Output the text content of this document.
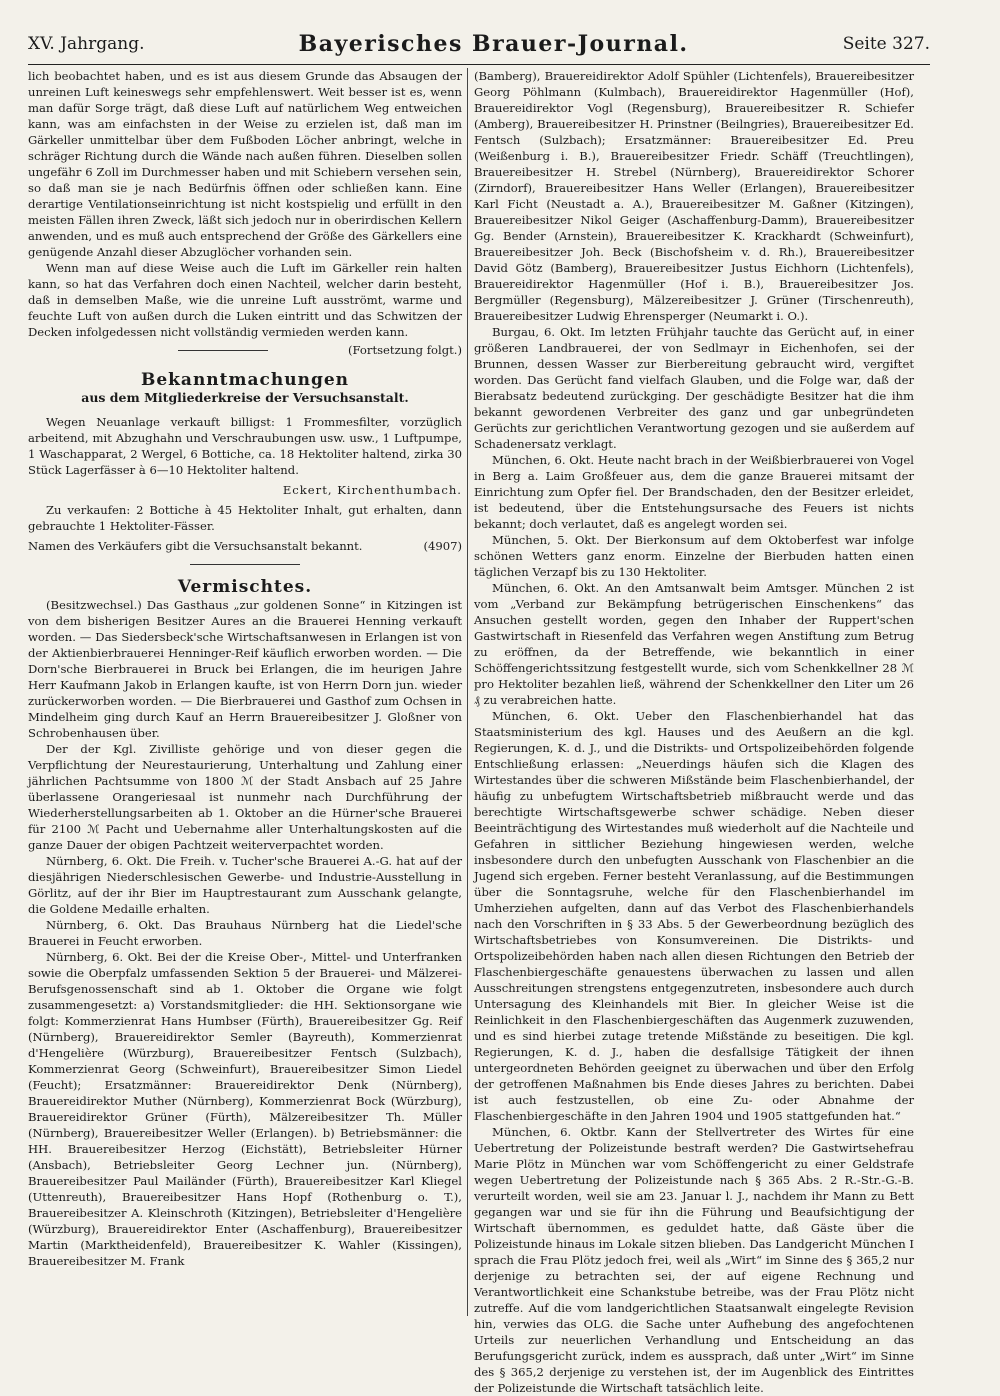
XV. Jahrgang.	Bayerisches Brauer-Journal.	Seite 327.

lich beobachtet haben, und es ist aus diesem Grunde das Absaugen der unreinen Luft keineswegs sehr empfehlenswert. Weit besser ist es, wenn man dafür Sorge trägt, daß diese Luft auf natürlichem Weg entweichen kann, was am einfachsten in der Weise zu erzielen ist, daß man im Gärkeller unmittelbar über dem Fußboden Löcher anbringt, welche in schräger Richtung durch die Wände nach außen führen. Dieselben sollen ungefähr 6 Zoll im Durchmesser haben und mit Schiebern versehen sein, so daß man sie je nach Bedürfnis öffnen oder schließen kann. Eine derartige Ventilationseinrichtung ist nicht kostspielig und erfüllt in den meisten Fällen ihren Zweck, läßt sich jedoch nur in oberirdischen Kellern anwenden, und es muß auch entsprechend der Größe des Gärkellers eine genügende Anzahl dieser Abzuglöcher vorhanden sein.

Wenn man auf diese Weise auch die Luft im Gärkeller rein halten kann, so hat das Verfahren doch einen Nachteil, welcher darin besteht, daß in demselben Maße, wie die unreine Luft ausströmt, warme und feuchte Luft von außen durch die Luken eintritt und das Schwitzen der Decken infolgedessen nicht vollständig vermieden werden kann.

(Fortsetzung folgt.)
Bekanntmachungen
aus dem Mitgliederkreise der Versuchsanstalt.

Wegen Neuanlage verkauft billigst: 1 Frommesfilter, vorzüglich arbeitend, mit Abzughahn und Verschraubungen usw. usw., 1 Luftpumpe, 1 Waschapparat, 2 Wergel, 6 Bottiche, ca. 18 Hektoliter haltend, zirka 30 Stück Lagerfässer à 6—10 Hektoliter haltend.

Eckert, Kirchenthumbach.

Zu verkaufen: 2 Bottiche à 45 Hektoliter Inhalt, gut erhalten, dann gebrauchte 1 Hektoliter-Fässer.

Namen des Verkäufers gibt die Versuchsanstalt bekannt.	(4907)
Vermischtes.

(Besitzwechsel.) Das Gasthaus „zur goldenen Sonne“ in Kitzingen ist von dem bisherigen Besitzer Aures an die Brauerei Henning verkauft worden. — Das Siedersbeck'sche Wirtschaftsanwesen in Erlangen ist von der Aktienbierbrauerei Henninger-Reif käuflich erworben worden. — Die Dorn'sche Bierbrauerei in Bruck bei Erlangen, die im heurigen Jahre Herr Kaufmann Jakob in Erlangen kaufte, ist von Herrn Dorn jun. wieder zurückerworben worden. — Die Bierbrauerei und Gasthof zum Ochsen in Mindelheim ging durch Kauf an Herrn Brauereibesitzer J. Gloßner von Schrobenhausen über.

Der der Kgl. Zivilliste gehörige und von dieser gegen die Verpflichtung der Neurestaurierung, Unterhaltung und Zahlung einer jährlichen Pachtsumme von 1800 ℳ der Stadt Ansbach auf 25 Jahre überlassene Orangeriesaal ist nunmehr nach Durchführung der Wiederherstellungsarbeiten ab 1. Oktober an die Hürner'sche Brauerei für 2100 ℳ Pacht und Uebernahme aller Unterhaltungskosten auf die ganze Dauer der obigen Pachtzeit weiterverpachtet worden.

Nürnberg, 6. Okt. Die Freih. v. Tucher'sche Brauerei A.-G. hat auf der diesjährigen Niederschlesischen Gewerbe- und Industrie-Ausstellung in Görlitz, auf der ihr Bier im Hauptrestaurant zum Ausschank gelangte, die Goldene Medaille erhalten.

Nürnberg, 6. Okt. Das Brauhaus Nürnberg hat die Liedel'sche Brauerei in Feucht erworben.

Nürnberg, 6. Okt. Bei der die Kreise Ober-, Mittel- und Unterfranken sowie die Oberpfalz umfassenden Sektion 5 der Brauerei- und Mälzerei-Berufsgenossenschaft sind ab 1. Oktober die Organe wie folgt zusammengesetzt: a) Vorstandsmitglieder: die HH. Sektionsorgane wie folgt: Kommerzienrat Hans Humbser (Fürth), Brauereibesitzer Gg. Reif (Nürnberg), Brauereidirektor Semler (Bayreuth), Kommerzienrat d'Hengelière (Würzburg), Brauereibesitzer Fentsch (Sulzbach), Kommerzienrat Georg (Schweinfurt), Brauereibesitzer Simon Liedel (Feucht); Ersatzmänner: Brauereidirektor Denk (Nürnberg), Brauereidirektor Muther (Nürnberg), Kommerzienrat Bock (Würzburg), Brauereidirektor Grüner (Fürth), Mälzereibesitzer Th. Müller (Nürnberg), Brauereibesitzer Weller (Erlangen). b) Betriebsmänner: die HH. Brauereibesitzer Herzog (Eichstätt), Betriebsleiter Hürner (Ansbach), Betriebsleiter Georg Lechner jun. (Nürnberg), Brauereibesitzer Paul Mailänder (Fürth), Brauereibesitzer Karl Kliegel (Uttenreuth), Brauereibesitzer Hans Hopf (Rothenburg o. T.), Brauereibesitzer A. Kleinschroth (Kitzingen), Betriebsleiter d'Hengelière (Würzburg), Brauereidirektor Enter (Aschaffenburg), Brauereibesitzer Martin (Marktheidenfeld), Brauereibesitzer K. Wahler (Kissingen), Brauereibesitzer M. Frank

(Bamberg), Brauereidirektor Adolf Spühler (Lichtenfels), Brauereibesitzer Georg Pöhlmann (Kulmbach), Brauereidirektor Hagenmüller (Hof), Brauereidirektor Vogl (Regensburg), Brauereibesitzer R. Schiefer (Amberg), Brauereibesitzer H. Prinstner (Beilngries), Brauereibesitzer Ed. Fentsch (Sulzbach); Ersatzmänner: Brauereibesitzer Ed. Preu (Weißenburg i. B.), Brauereibesitzer Friedr. Schäff (Treuchtlingen), Brauereibesitzer H. Strebel (Nürnberg), Brauereidirektor Schorer (Zirndorf), Brauereibesitzer Hans Weller (Erlangen), Brauereibesitzer Karl Ficht (Neustadt a. A.), Brauereibesitzer M. Gaßner (Kitzingen), Brauereibesitzer Nikol Geiger (Aschaffenburg-Damm), Brauereibesitzer Gg. Bender (Arnstein), Brauereibesitzer K. Krackhardt (Schweinfurt), Brauereibesitzer Joh. Beck (Bischofsheim v. d. Rh.), Brauereibesitzer David Götz (Bamberg), Brauereibesitzer Justus Eichhorn (Lichtenfels), Brauereidirektor Hagenmüller (Hof i. B.), Brauereibesitzer Jos. Bergmüller (Regensburg), Mälzereibesitzer J. Grüner (Tirschenreuth), Brauereibesitzer Ludwig Ehrensperger (Neumarkt i. O.).

Burgau, 6. Okt. Im letzten Frühjahr tauchte das Gerücht auf, in einer größeren Landbrauerei, der von Sedlmayr in Eichenhofen, sei der Brunnen, dessen Wasser zur Bierbereitung gebraucht wird, vergiftet worden. Das Gerücht fand vielfach Glauben, und die Folge war, daß der Bierabsatz bedeutend zurückging. Der geschädigte Besitzer hat die ihm bekannt gewordenen Verbreiter des ganz und gar unbegründeten Gerüchts zur gerichtlichen Verantwortung gezogen und sie außerdem auf Schadenersatz verklagt.

München, 6. Okt. Heute nacht brach in der Weißbierbrauerei von Vogel in Berg a. Laim Großfeuer aus, dem die ganze Brauerei mitsamt der Einrichtung zum Opfer fiel. Der Brandschaden, den der Besitzer erleidet, ist bedeutend, über die Entstehungsursache des Feuers ist nichts bekannt; doch verlautet, daß es angelegt worden sei.

München, 5. Okt. Der Bierkonsum auf dem Oktoberfest war infolge schönen Wetters ganz enorm. Einzelne der Bierbuden hatten einen täglichen Verzapf bis zu 130 Hektoliter.

München, 6. Okt. An den Amtsanwalt beim Amtsger. München 2 ist vom „Verband zur Bekämpfung betrügerischen Einschenkens“ das Ansuchen gestellt worden, gegen den Inhaber der Ruppert'schen Gastwirtschaft in Riesenfeld das Verfahren wegen Anstiftung zum Betrug zu eröffnen, da der Betreffende, wie bekanntlich in einer Schöffengerichtssitzung festgestellt wurde, sich vom Schenkkellner 28 ℳ pro Hektoliter bezahlen ließ, während der Schenkkellner den Liter um 26 ₰ zu verabreichen hatte.

München, 6. Okt. Ueber den Flaschenbierhandel hat das Staatsministerium des kgl. Hauses und des Aeußern an die kgl. Regierungen, K. d. J., und die Distrikts- und Ortspolizeibehörden folgende Entschließung erlassen: „Neuerdings häufen sich die Klagen des Wirtestandes über die schweren Mißstände beim Flaschenbierhandel, der häufig zu unbefugtem Wirtschaftsbetrieb mißbraucht werde und das berechtigte Wirtschaftsgewerbe schwer schädige. Neben dieser Beeinträchtigung des Wirtestandes muß wiederholt auf die Nachteile und Gefahren in sittlicher Beziehung hingewiesen werden, welche insbesondere durch den unbefugten Ausschank von Flaschenbier an die Jugend sich ergeben. Ferner besteht Veranlassung, auf die Bestimmungen über die Sonntagsruhe, welche für den Flaschenbierhandel im Umherziehen aufgelten, dann auf das Verbot des Flaschenbierhandels nach den Vorschriften in § 33 Abs. 5 der Gewerbeordnung bezüglich des Wirtschaftsbetriebes von Konsumvereinen. Die Distrikts- und Ortspolizeibehörden haben nach allen diesen Richtungen den Betrieb der Flaschenbiergeschäfte genauestens überwachen zu lassen und allen Ausschreitungen strengstens entgegenzutreten, insbesondere auch durch Untersagung des Kleinhandels mit Bier. In gleicher Weise ist die Reinlichkeit in den Flaschenbiergeschäften das Augenmerk zuzuwenden, und es sind hierbei zutage tretende Mißstände zu beseitigen. Die kgl. Regierungen, K. d. J., haben die desfallsige Tätigkeit der ihnen untergeordneten Behörden geeignet zu überwachen und über den Erfolg der getroffenen Maßnahmen bis Ende dieses Jahres zu berichten. Dabei ist auch festzustellen, ob eine Zu- oder Abnahme der Flaschenbiergeschäfte in den Jahren 1904 und 1905 stattgefunden hat.“

München, 6. Oktbr. Kann der Stellvertreter des Wirtes für eine Uebertretung der Polizeistunde bestraft werden? Die Gastwirtsehefrau Marie Plötz in München war vom Schöffengericht zu einer Geldstrafe wegen Uebertretung der Polizeistunde nach § 365 Abs. 2 R.-Str.-G.-B. verurteilt worden, weil sie am 23. Januar l. J., nachdem ihr Mann zu Bett gegangen war und sie für ihn die Führung und Beaufsichtigung der Wirtschaft übernommen, es geduldet hatte, daß Gäste über die Polizeistunde hinaus im Lokale sitzen blieben. Das Landgericht München I sprach die Frau Plötz jedoch frei, weil als „Wirt“ im Sinne des § 365,2 nur derjenige zu betrachten sei, der auf eigene Rechnung und Verantwortlichkeit eine Schankstube betreibe, was der Frau Plötz nicht zutreffe. Auf die vom landgerichtlichen Staatsanwalt eingelegte Revision hin, verwies das OLG. die Sache unter Aufhebung des angefochtenen Urteils zur neuerlichen Verhandlung und Entscheidung an das Berufungsgericht zurück, indem es aussprach, daß unter „Wirt“ im Sinne des § 365,2 derjenige zu verstehen ist, der im Augenblick des Eintrittes der Polizeistunde die Wirtschaft tatsächlich leite.
